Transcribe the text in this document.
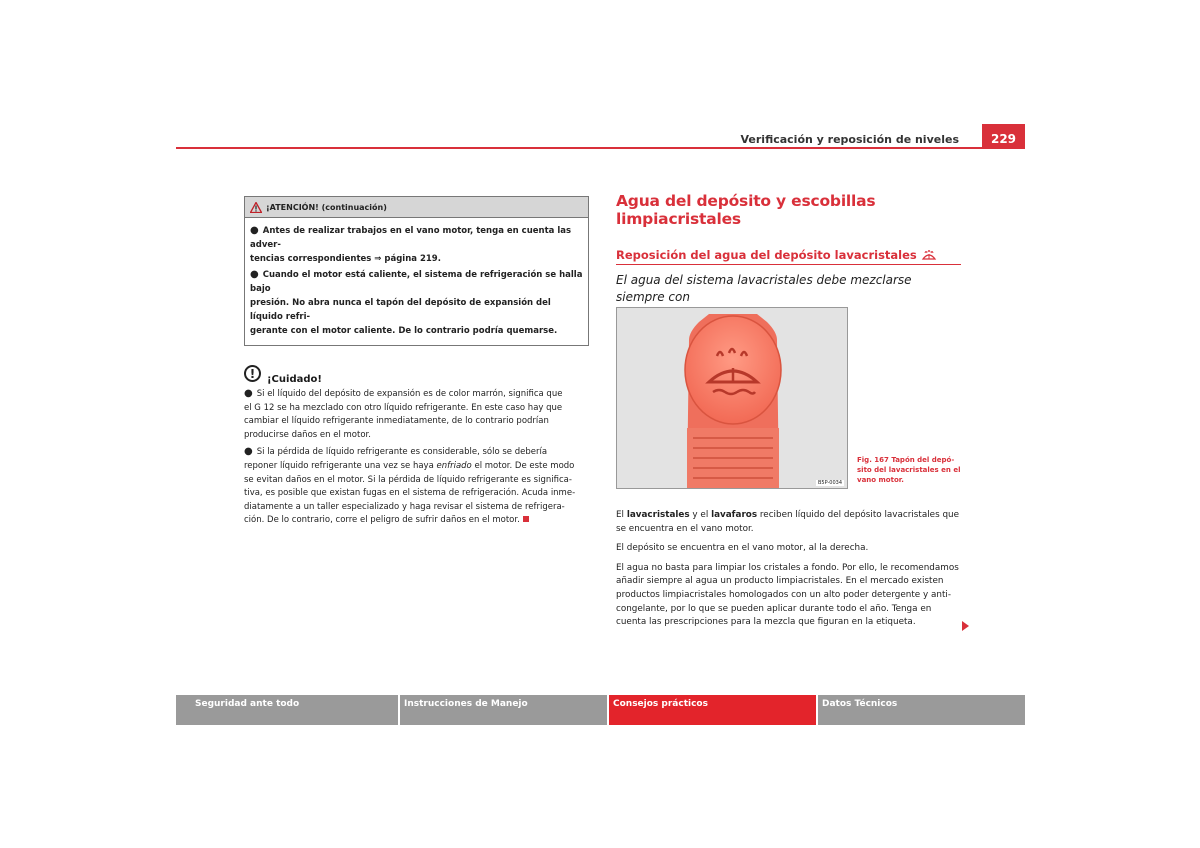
Verificación y reposición de niveles	229
¡ATENCIÓN! (continuación)

● Antes de realizar trabajos en el vano motor, tenga en cuenta las adver-
tencias correspondientes ⇒ página 219.

● Cuando el motor está caliente, el sistema de refrigeración se halla bajo
presión. No abra nunca el tapón del depósito de expansión del líquido refri-
gerante con el motor caliente. De lo contrario podría quemarse.

!	¡Cuidado!

● Si el líquido del depósito de expansión es de color marrón, significa que
el G 12 se ha mezclado con otro líquido refrigerante. En este caso hay que
cambiar el líquido refrigerante inmediatamente, de lo contrario podrían
producirse daños en el motor.

● Si la pérdida de líquido refrigerante es considerable, sólo se debería
reponer líquido refrigerante una vez se haya enfriado el motor. De este modo
se evitan daños en el motor. Si la pérdida de líquido refrigerante es significa-
tiva, es posible que existan fugas en el sistema de refrigeración. Acuda inme-
diatamente a un taller especializado y haga revisar el sistema de refrigera-
ción. De lo contrario, corre el peligro de sufrir daños en el motor.

Agua del depósito y escobillas limpiacristales
Reposición del agua del depósito lavacristales
El agua del sistema lavacristales debe mezclarse siempre con

B5P-0034
Fig. 167 Tapón del depó-
sito del lavacristales en el
vano motor.

El lavacristales y el lavafaros reciben líquido del depósito lavacristales que
se encuentra en el vano motor.

El depósito se encuentra en el vano motor, al la derecha.

El agua no basta para limpiar los cristales a fondo. Por ello, le recomendamos
añadir siempre al agua un producto limpiacristales. En el mercado existen
productos limpiacristales homologados con un alto poder detergente y anti-
congelante, por lo que se pueden aplicar durante todo el año. Tenga en
cuenta las prescripciones para la mezcla que figuran en la etiqueta.

Seguridad ante todo	Instrucciones de Manejo	Consejos prácticos	Datos Técnicos
